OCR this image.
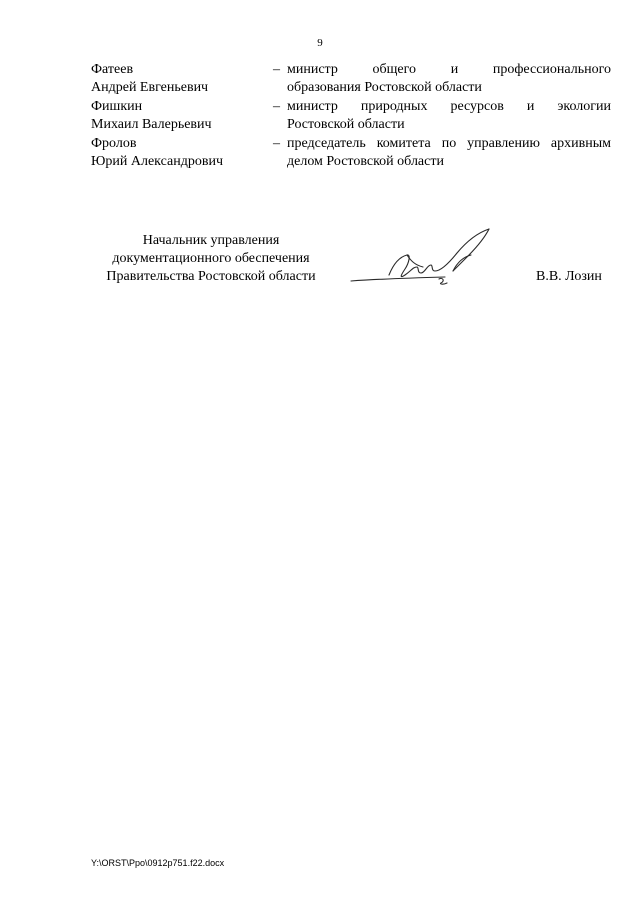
9
Фатеев
Андрей Евгеньевич
– министр общего и профессионального
образования Ростовской области
Фишкин
Михаил Валерьевич
– министр природных ресурсов и экологии
Ростовской области
Фролов
Юрий Александрович
– председатель комитета по управлению архивным
делом Ростовской области
Начальник управления
документационного обеспечения
Правительства Ростовской области	В.В. Лозин
Y:\ORST\Ppo\0912p751.f22.docx
